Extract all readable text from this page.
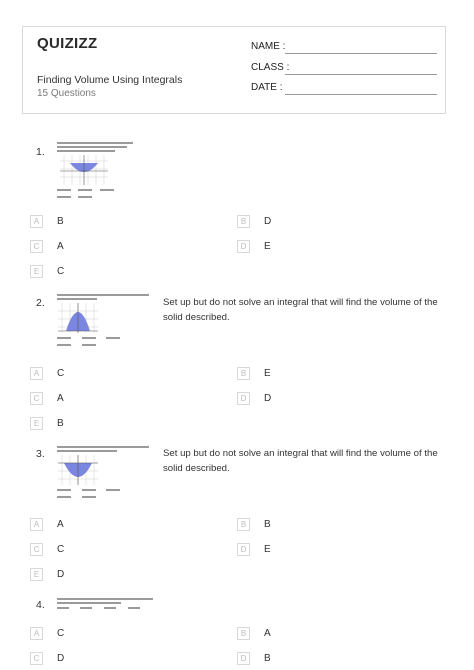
QUIZIZZ
Finding Volume Using Integrals
15 Questions
NAME :
CLASS :
DATE :
1.
A	B	B	D
C	A	D	E
E	C
2.	Set up but do not solve an integral that will find the volume of the solid described.
A	C	B	E
C	A	D	D
E	B
3.	Set up but do not solve an integral that will find the volume of the solid described.
A	A	B	B
C	C	D	E
E	D
4.
A	C	B	A
C	D	D	B
